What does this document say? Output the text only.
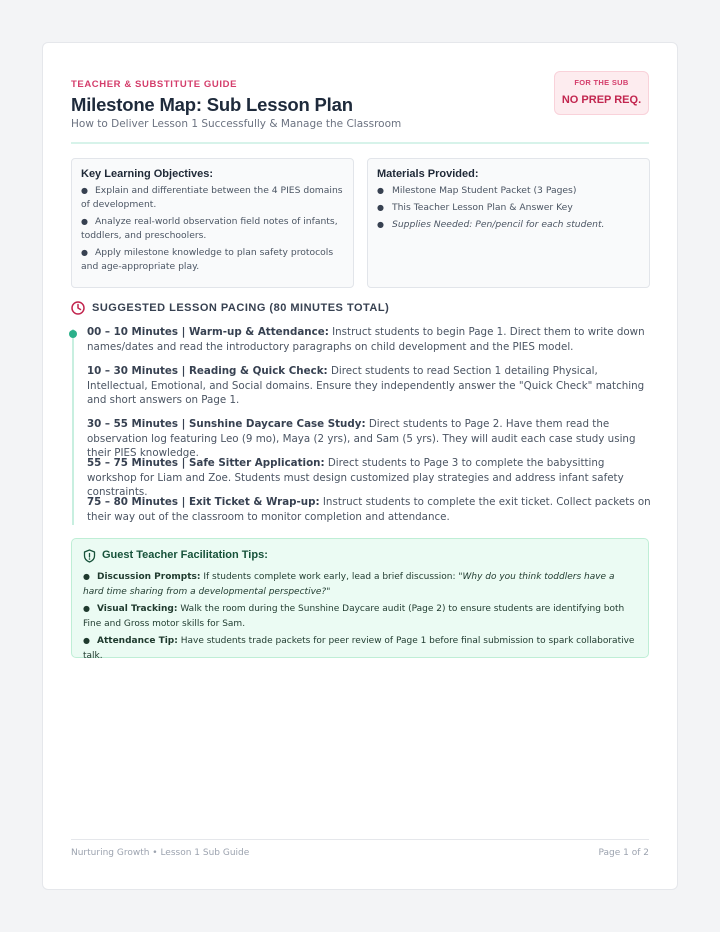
TEACHER & SUBSTITUTE GUIDE
Milestone Map: Sub Lesson Plan
How to Deliver Lesson 1 Successfully & Manage the Classroom
FOR THE SUB
NO PREP REQ.
Key Learning Objectives:
● Explain and differentiate between the 4 PIES domains of development.
● Analyze real-world observation field notes of infants, toddlers, and preschoolers.
● Apply milestone knowledge to plan safety protocols and age-appropriate play.
Materials Provided:
● Milestone Map Student Packet (3 Pages)
● This Teacher Lesson Plan & Answer Key
● Supplies Needed: Pen/pencil for each student.
SUGGESTED LESSON PACING (80 MINUTES TOTAL)
00 – 10 Minutes | Warm-up & Attendance: Instruct students to begin Page 1. Direct them to write down names/dates and read the introductory paragraphs on child development and the PIES model.
10 – 30 Minutes | Reading & Quick Check: Direct students to read Section 1 detailing Physical, Intellectual, Emotional, and Social domains. Ensure they independently answer the "Quick Check" matching and short answers on Page 1.
30 – 55 Minutes | Sunshine Daycare Case Study: Direct students to Page 2. Have them read the observation log featuring Leo (9 mo), Maya (2 yrs), and Sam (5 yrs). They will audit each case study using their PIES knowledge.
55 – 75 Minutes | Safe Sitter Application: Direct students to Page 3 to complete the babysitting workshop for Liam and Zoe. Students must design customized play strategies and address infant safety constraints.
75 – 80 Minutes | Exit Ticket & Wrap-up: Instruct students to complete the exit ticket. Collect packets on their way out of the classroom to monitor completion and attendance.
Guest Teacher Facilitation Tips:
● Discussion Prompts: If students complete work early, lead a brief discussion: "Why do you think toddlers have a hard time sharing from a developmental perspective?"
● Visual Tracking: Walk the room during the Sunshine Daycare audit (Page 2) to ensure students are identifying both Fine and Gross motor skills for Sam.
● Attendance Tip: Have students trade packets for peer review of Page 1 before final submission to spark collaborative talk.
Nurturing Growth • Lesson 1 Sub Guide	Page 1 of 2
